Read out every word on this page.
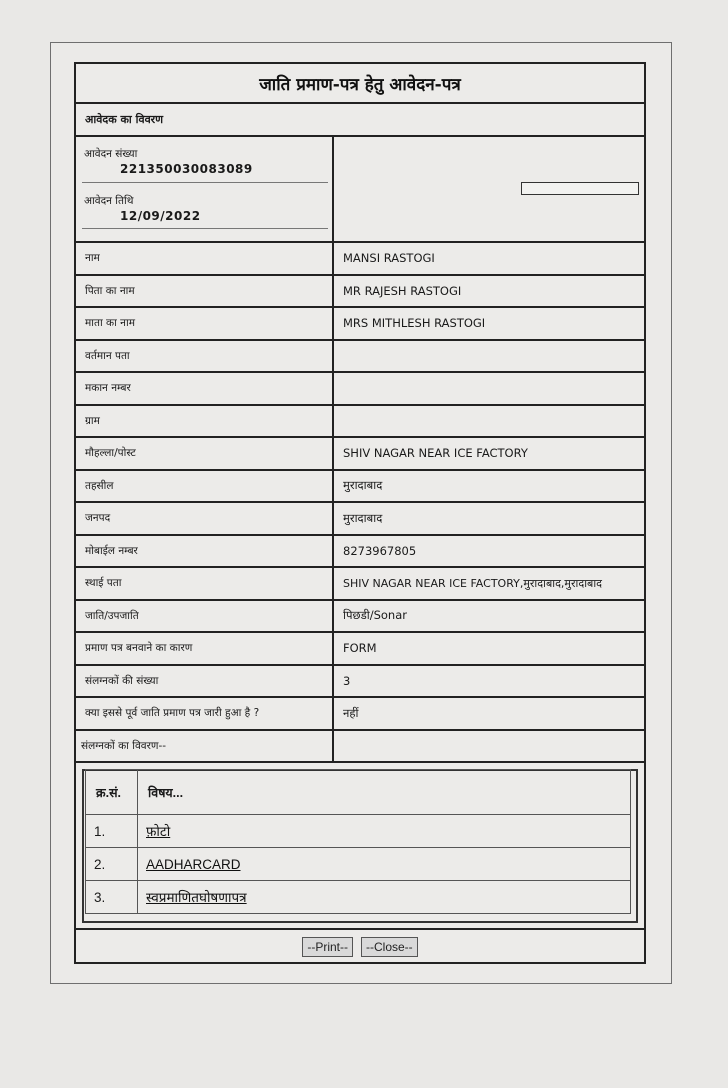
जाति प्रमाण-पत्र हेतु आवेदन-पत्र
आवेदक का विवरण
आवेदन संख्या
221350030083089
आवेदन तिथि
12/09/2022
नाम	MANSI RASTOGI
पिता का नाम	MR RAJESH RASTOGI
माता का नाम	MRS MITHLESH RASTOGI
वर्तमान पता
मकान नम्बर
ग्राम
मौहल्ला/पोस्ट	SHIV NAGAR NEAR ICE FACTORY
तहसील	मुरादाबाद
जनपद	मुरादाबाद
मोबाईल नम्बर	8273967805
स्थाई पता	SHIV NAGAR NEAR ICE FACTORY,मुरादाबाद,मुरादाबाद
जाति/उपजाति	पिछडी/Sonar
प्रमाण पत्र बनवाने का कारण	FORM
संलग्नकों की संख्या	3
क्या इससे पूर्व जाति प्रमाण पत्र जारी हुआ है ?	नहीं
संलग्नकों का विवरण--
क्र.सं.	विषय...
1.	फ़ोटो
2.	AADHARCARD
3.	स्वप्रमाणितघोषणापत्र
--Print--	--Close--
